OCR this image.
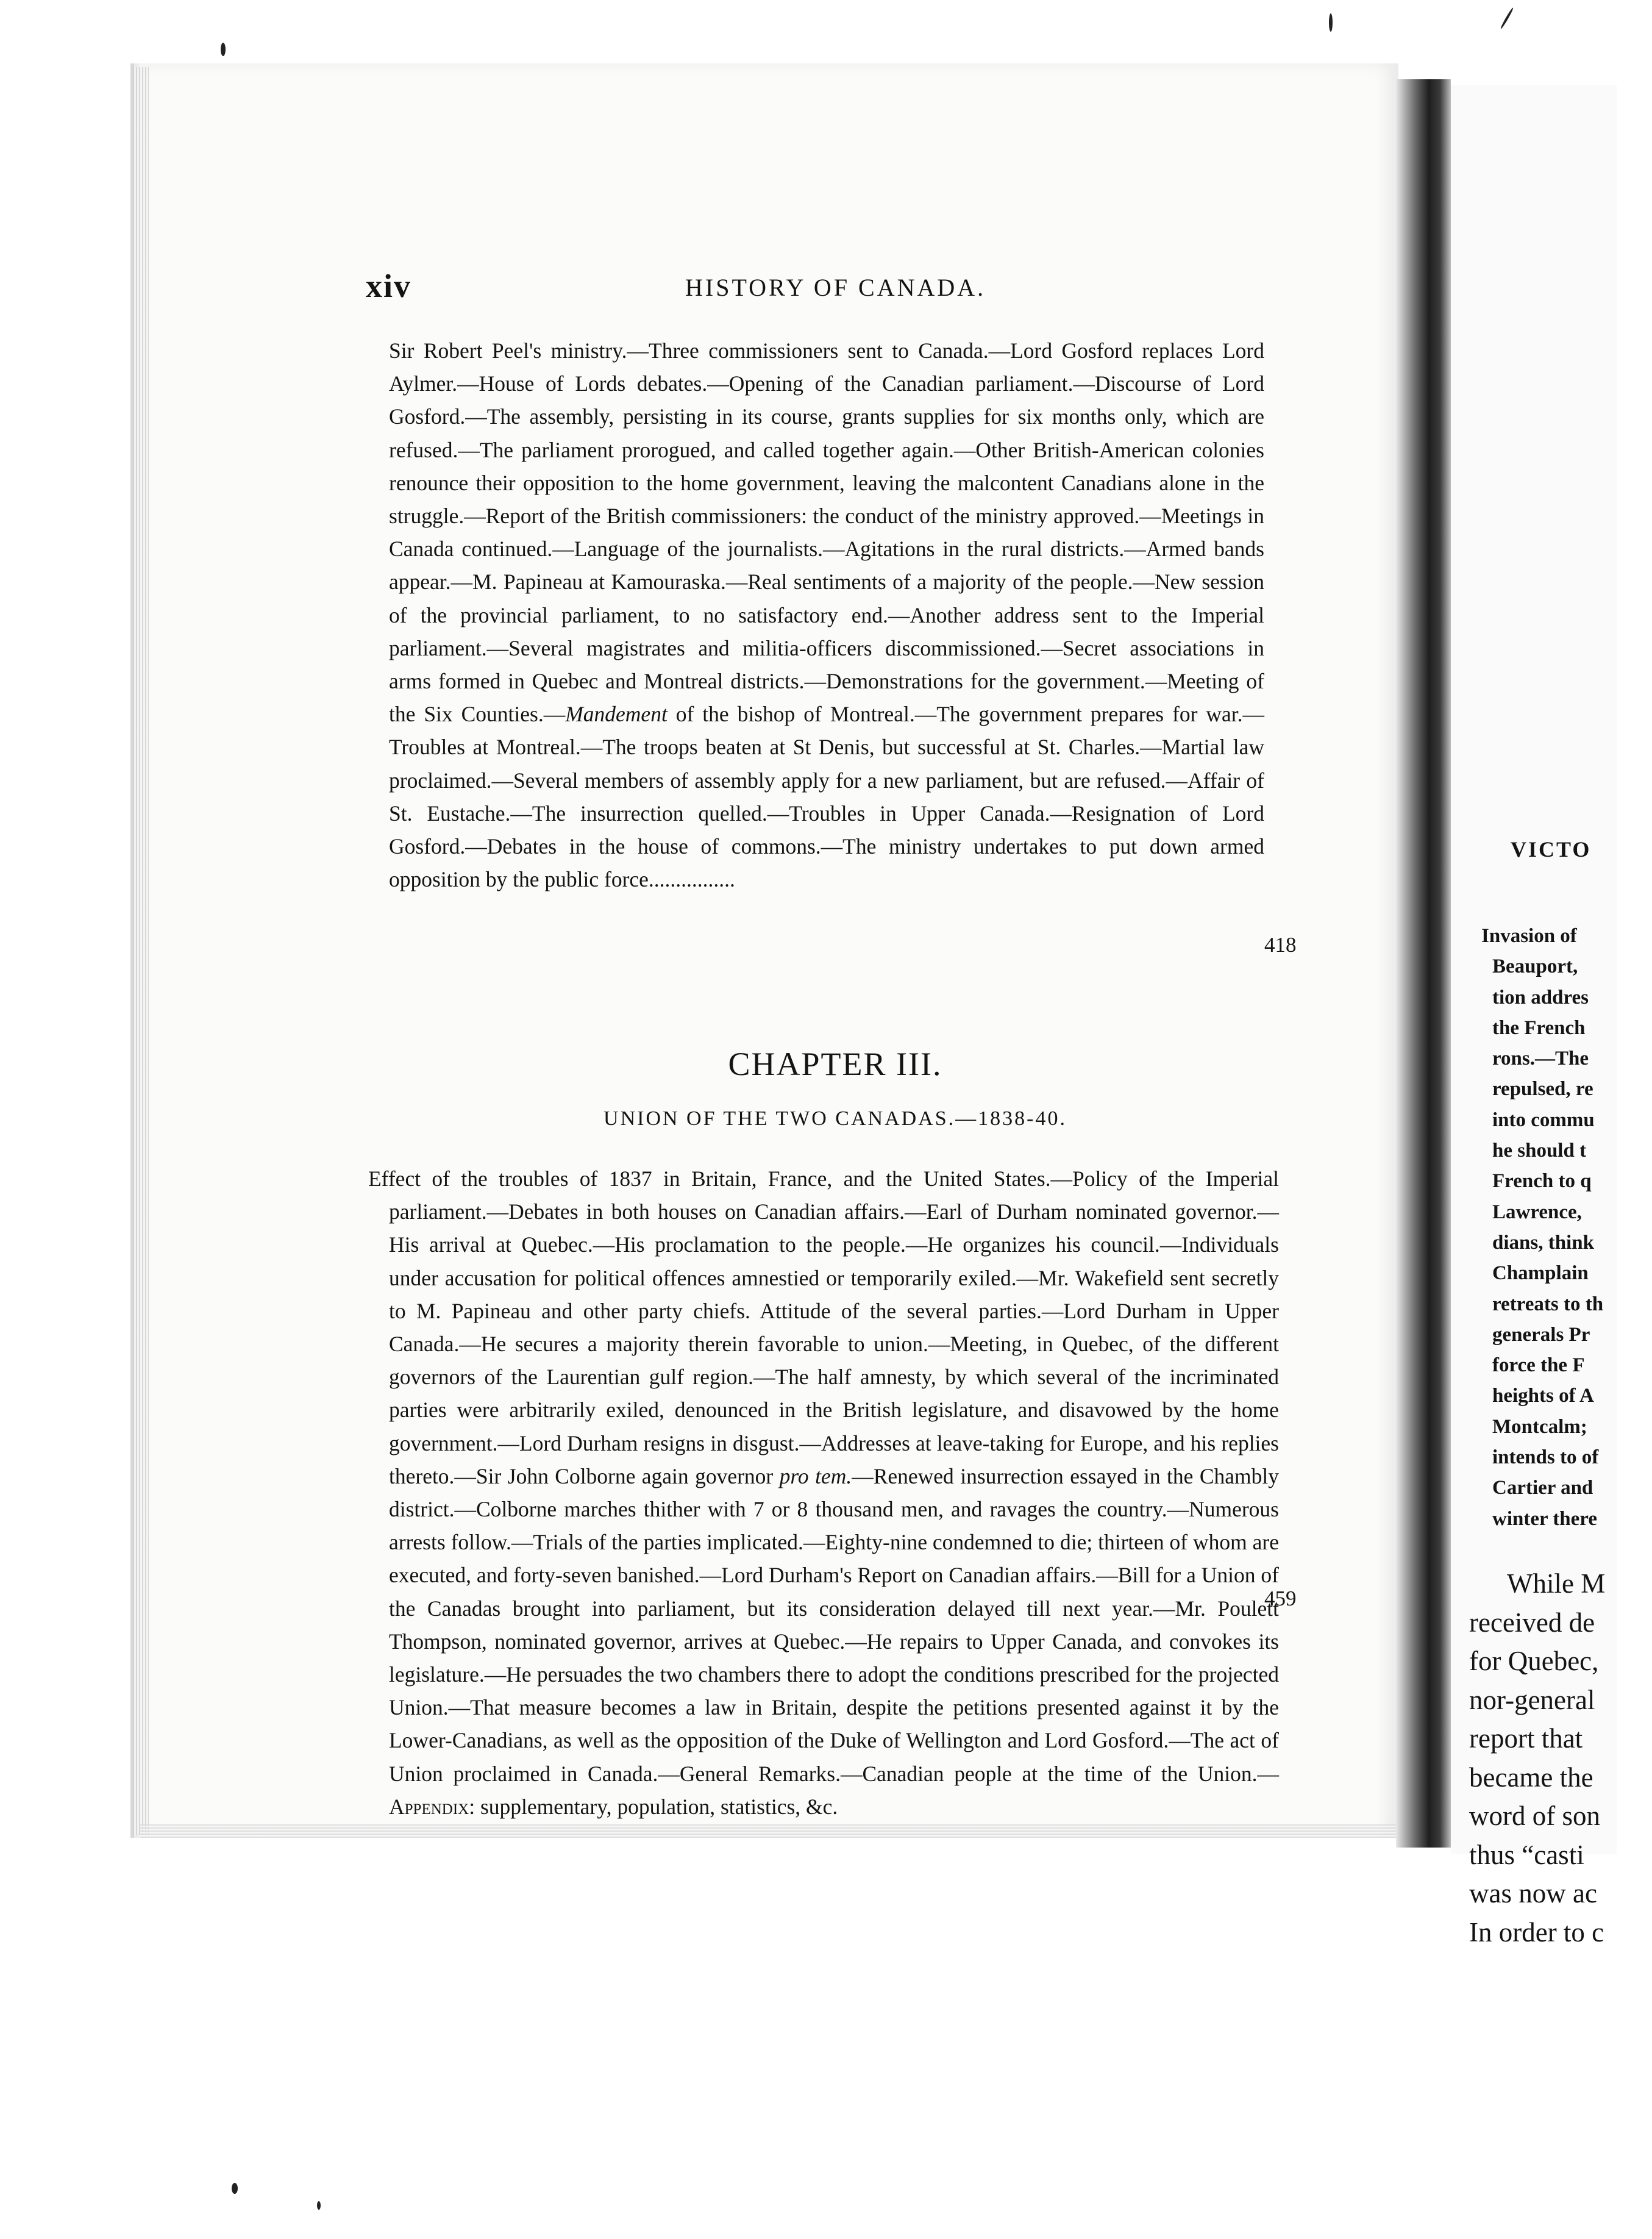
xiv	HISTORY OF CANADA.
Sir Robert Peel's ministry.—Three commissioners sent to Canada.—Lord Gosford replaces Lord Aylmer.—House of Lords debates.—Opening of the Canadian parliament.—Discourse of Lord Gosford.—The assembly, persisting in its course, grants supplies for six months only, which are refused.—The parliament prorogued, and called together again.—Other British-American colonies renounce their opposition to the home government, leaving the malcontent Canadians alone in the struggle.—Report of the British commissioners: the conduct of the ministry approved.—Meetings in Canada continued.—Language of the journalists.—Agitations in the rural districts.—Armed bands appear.—M. Papineau at Kamouraska.—Real sentiments of a majority of the people.—New session of the provincial parliament, to no satisfactory end.—Another address sent to the Imperial parliament.—Several magistrates and militia-officers discommissioned.—Secret associations in arms formed in Quebec and Montreal districts.—Demonstrations for the government.—Meeting of the Six Counties.—Mandement of the bishop of Montreal.—The government prepares for war.—Troubles at Montreal.—The troops beaten at St Denis, but successful at St. Charles.—Martial law proclaimed.—Several members of assembly apply for a new parliament, but are refused.—Affair of St. Eustache.—The insurrection quelled.—Troubles in Upper Canada.—Resignation of Lord Gosford.—Debates in the house of commons.—The ministry undertakes to put down armed opposition by the public force................
418
CHAPTER III.
UNION OF THE TWO CANADAS.—1838-40.
Effect of the troubles of 1837 in Britain, France, and the United States.—Policy of the Imperial parliament.—Debates in both houses on Canadian affairs.—Earl of Durham nominated governor.—His arrival at Quebec.—His proclamation to the people.—He organizes his council.—Individuals under accusation for political offences amnestied or temporarily exiled.—Mr. Wakefield sent secretly to M. Papineau and other party chiefs. Attitude of the several parties.—Lord Durham in Upper Canada.—He secures a majority therein favorable to union.—Meeting, in Quebec, of the different governors of the Laurentian gulf region.—The half amnesty, by which several of the incriminated parties were arbitrarily exiled, denounced in the British legislature, and disavowed by the home government.—Lord Durham resigns in disgust.—Addresses at leave-taking for Europe, and his replies thereto.—Sir John Colborne again governor pro tem.—Renewed insurrection essayed in the Chambly district.—Colborne marches thither with 7 or 8 thousand men, and ravages the country.—Numerous arrests follow.—Trials of the parties implicated.—Eighty-nine condemned to die; thirteen of whom are executed, and forty-seven banished.—Lord Durham's Report on Canadian affairs.—Bill for a Union of the Canadas brought into parliament, but its consideration delayed till next year.—Mr. Poulett Thompson, nominated governor, arrives at Quebec.—He repairs to Upper Canada, and convokes its legislature.—He persuades the two chambers there to adopt the conditions prescribed for the projected Union.—That measure becomes a law in Britain, despite the petitions presented against it by the Lower-Canadians, as well as the opposition of the Duke of Wellington and Lord Gosford.—The act of Union proclaimed in Canada.—General Remarks.—Canadian people at the time of the Union.—Appendix: supplementary, population, statistics, &c.
459
VICTO
Invasion of
Beauport,
tion addres
the French
rons.—The
repulsed, re
into commu
he should t
French to q
Lawrence,
dians, think
Champlain
retreats to th
generals Pr
force the F
heights of A
Montcalm;
intends to of
Cartier and
winter there
While M
received de
for Quebec,
nor-general
report that
became the
word of son
thus “casti
was now ac
In order to c
